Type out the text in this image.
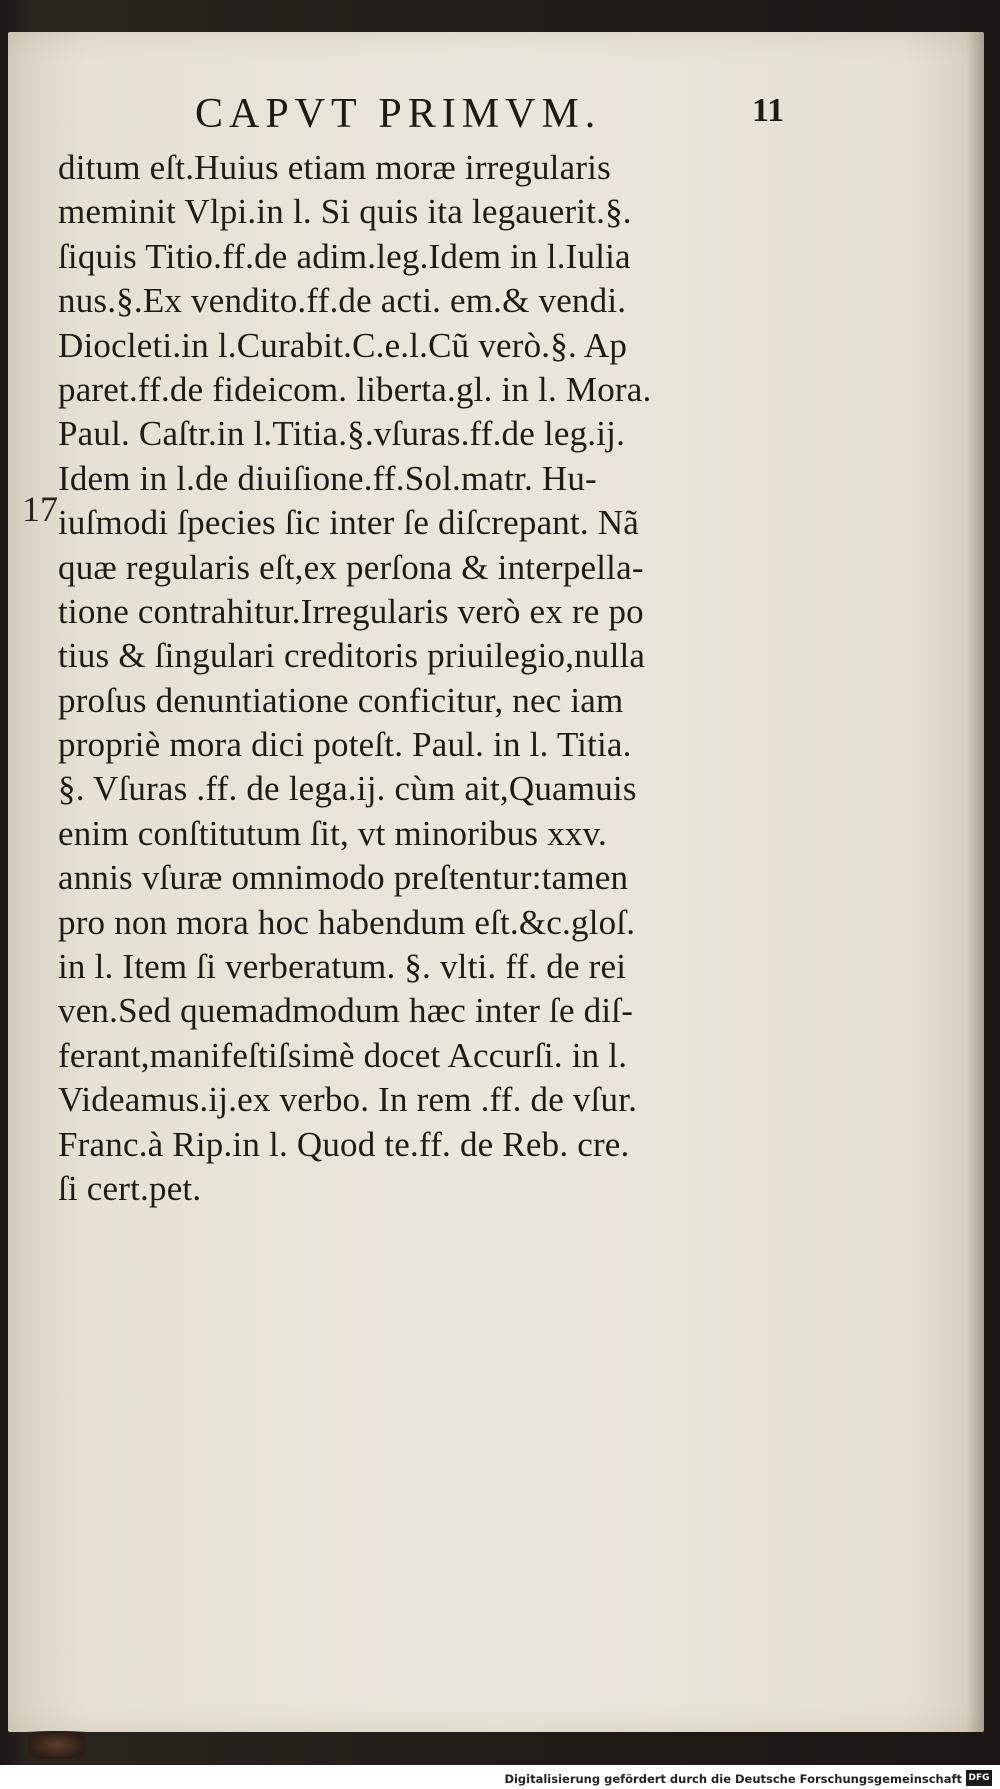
CAPVT PRIMVM.	11
17
ditum eſt.Huius etiam moræ irregularis
meminit Vlpi.in l. Si quis ita legauerit.§.
ſiquis Titio.ff.de adim.leg.Idem in l.Iulia
nus.§.Ex vendito.ff.de acti. em.& vendi.
Diocleti.in l.Curabit.C.e.l.Cũ verò.§. Ap
paret.ff.de fideicom. liberta.gl. in l. Mora.
Paul. Caſtr.in l.Titia.§.vſuras.ff.de leg.ij.
Idem in l.de diuiſione.ff.Sol.matr. Hu-
iuſmodi ſpecies ſic inter ſe diſcrepant. Nã
quæ regularis eſt,ex perſona & interpella-
tione contrahitur.Irregularis verò ex re po
tius & ſingulari creditoris priuilegio,nulla
proſus denuntiatione conficitur, nec iam
propriè mora dici poteſt. Paul. in l. Titia.
§. Vſuras .ff. de lega.ij. cùm ait,Quamuis
enim conſtitutum ſit, vt minoribus xxv.
annis vſuræ omnimodo preſtentur:tamen
pro non mora hoc habendum eſt.&c.gloſ.
in l. Item ſi verberatum. §. vlti. ff. de rei
ven.Sed quemadmodum hæc inter ſe diſ-
ferant,manifeſtiſsimè docet Accurſi. in l.
Videamus.ij.ex verbo. In rem .ff. de vſur.
Franc.à Rip.in l. Quod te.ff. de Reb. cre.
ſi cert.pet.
Digitalisierung gefördert durch die Deutsche Forschungsgemeinschaft DFG
